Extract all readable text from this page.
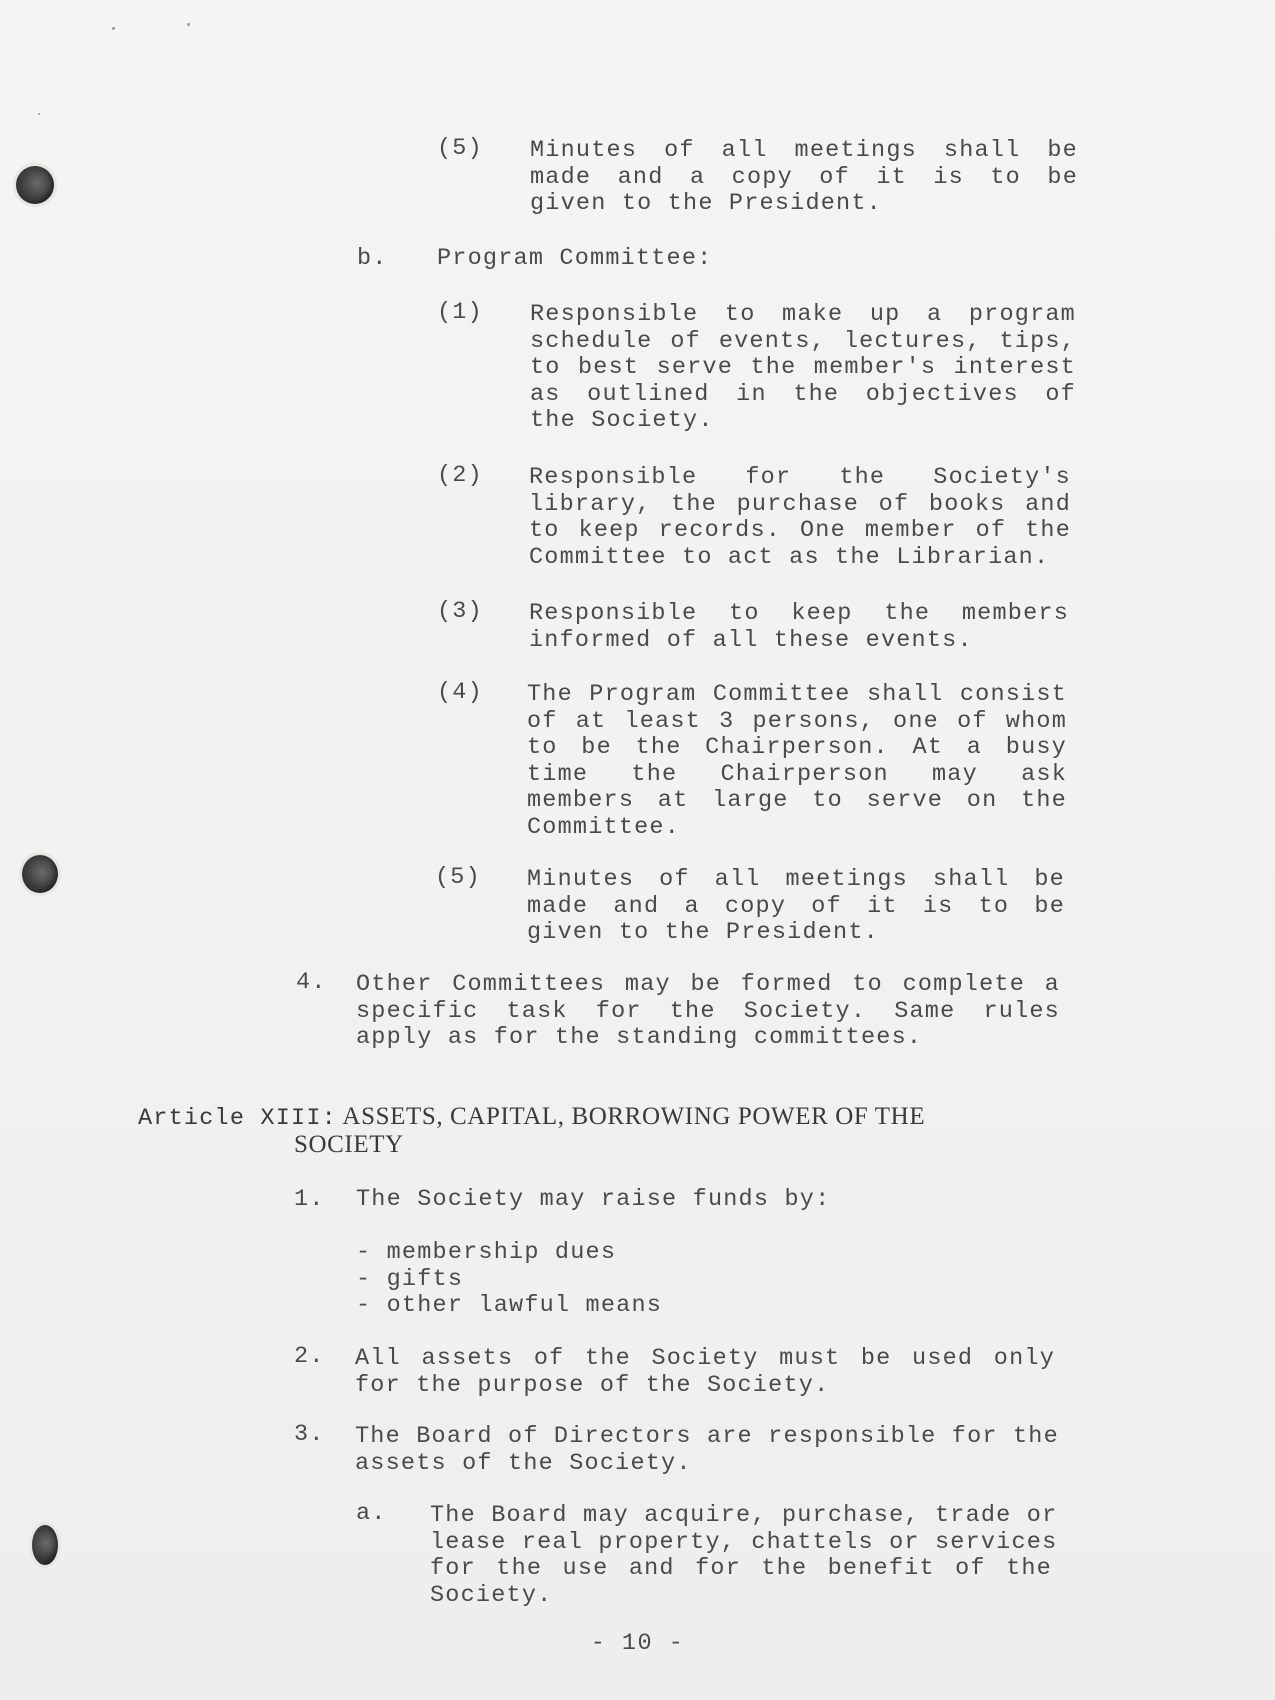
(5) Minutes of all meetings shall be
made and a copy of it is to be
given to the President.
b. Program Committee:
(1) Responsible to make up a program
schedule of events, lectures, tips,
to best serve the member's interest
as outlined in the objectives of
the Society.
(2) Responsible for the Society's
library, the purchase of books and
to keep records. One member of the
Committee to act as the Librarian.
(3) Responsible to keep the members
informed of all these events.
(4) The Program Committee shall consist
of at least 3 persons, one of whom
to be the Chairperson. At a busy
time the Chairperson may ask
members at large to serve on the
Committee.
(5) Minutes of all meetings shall be
made and a copy of it is to be
given to the President.
4. Other Committees may be formed to complete a
specific task for the Society. Same rules
apply as for the standing committees.
Article XIII: ASSETS, CAPITAL, BORROWING POWER OF THE
SOCIETY
1. The Society may raise funds by:
- membership dues
- gifts
- other lawful means
2. All assets of the Society must be used only
for the purpose of the Society.
3. The Board of Directors are responsible for the
assets of the Society.
a. The Board may acquire, purchase, trade or
lease real property, chattels or services
for the use and for the benefit of the
Society.
- 10 -
